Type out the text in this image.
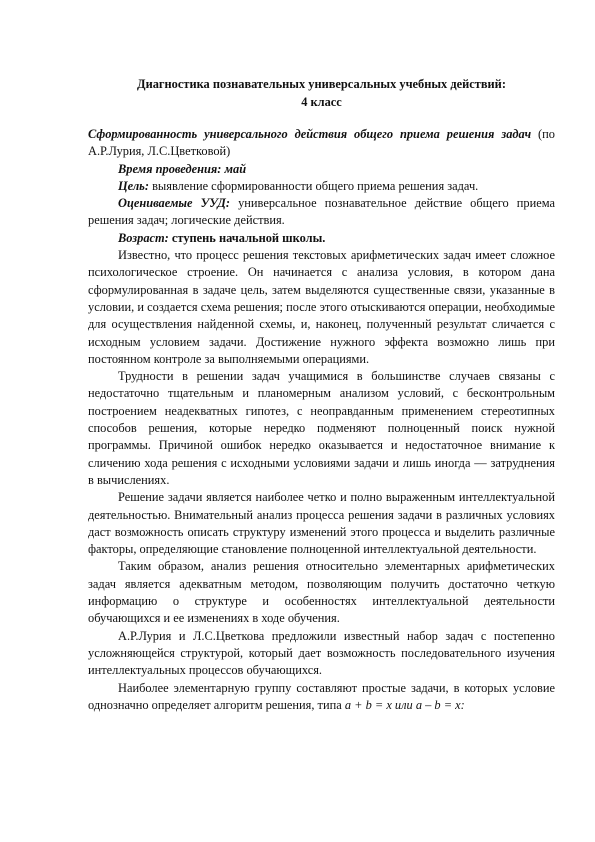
Диагностика познавательных универсальных учебных действий:
4 класс

Сформированность универсального действия общего приема решения задач (по А.Р.Лурия, Л.С.Цветковой)

Время проведения: май

Цель: выявление сформированности общего приема решения задач.

Оцениваемые УУД: универсальное познавательное действие общего приема решения задач; логические действия.

Возраст: ступень начальной школы.

Известно, что процесс решения текстовых арифметических задач имеет сложное психологическое строение. Он начинается с анализа условия, в котором дана сформулированная в задаче цель, затем выделяются существенные связи, указанные в условии, и создается схема решения; после этого отыскиваются операции, необходимые для осуществления найденной схемы, и, наконец, полученный результат сличается с исходным условием задачи. Достижение нужного эффекта возможно лишь при постоянном контроле за выполняемыми операциями.

Трудности в решении задач учащимися в большинстве случаев связаны с недостаточно тщательным и планомерным анализом условий, с бесконтрольным построением неадекватных гипотез, с неоправданным применением стереотипных способов решения, которые нередко подменяют полноценный поиск нужной программы. Причиной ошибок нередко оказывается и недостаточное внимание к сличению хода решения с исходными условиями задачи и лишь иногда — затруднения в вычислениях.

Решение задачи является наиболее четко и полно выраженным интеллектуальной деятельностью. Внимательный анализ процесса решения задачи в различных условиях даст возможность описать структуру изменений этого процесса и выделить различные факторы, определяющие становление полноценной интеллектуальной деятельности.

Таким образом, анализ решения относительно элементарных арифметических задач является адекватным методом, позволяющим получить достаточно четкую информацию о структуре и особенностях интеллектуальной деятельности обучающихся и ее изменениях в ходе обучения.

А.Р.Лурия и Л.С.Цветкова предложили известный набор задач с постепенно усложняющейся структурой, который дает возможность последовательного изучения интеллектуальных процессов обучающихся.

Наиболее элементарную группу составляют простые задачи, в которых условие однозначно определяет алгоритм решения, типа a + b = x или a – b = x:
